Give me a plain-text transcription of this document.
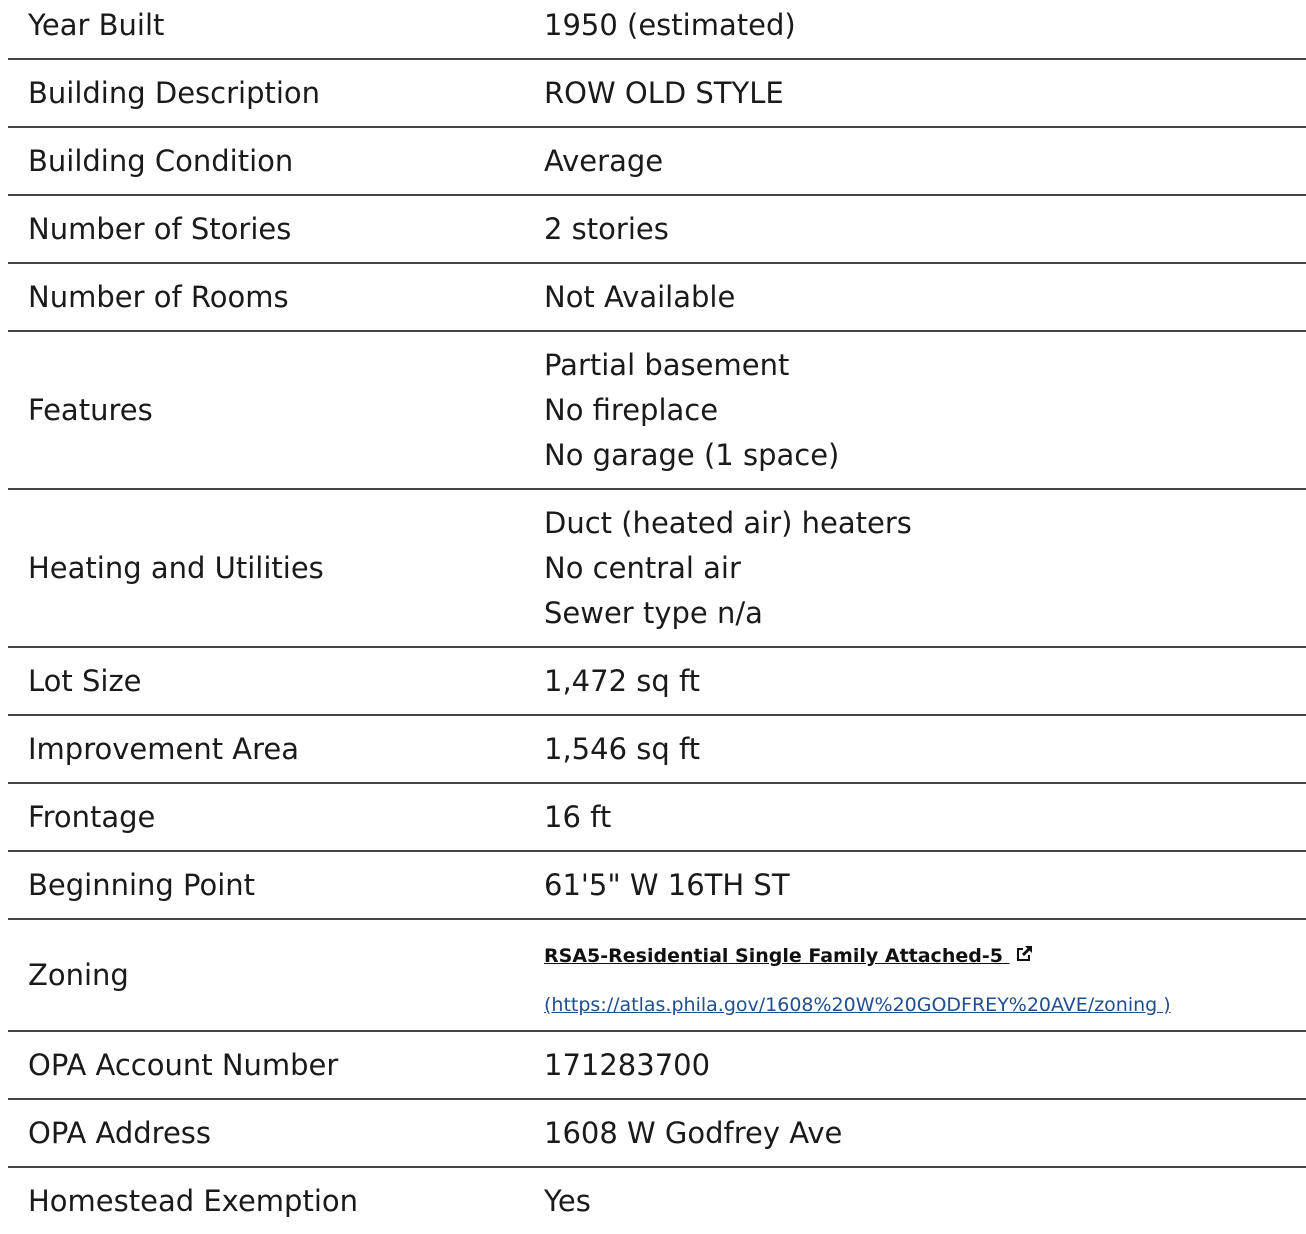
Year Built	1950 (estimated)
Building Description	ROW OLD STYLE
Building Condition	Average
Number of Stories	2 stories
Number of Rooms	Not Available
Features	Partial basement
No fireplace
No garage (1 space)

Heating and Utilities	Duct (heated air) heaters
No central air
Sewer type n/a

Lot Size	1,472 sq ft
Improvement Area	1,546 sq ft
Frontage	16 ft
Beginning Point	61'5" W 16TH ST
Zoning	RSA5-Residential Single Family Attached-5
(https://atlas.phila.gov/1608%20W%20GODFREY%20AVE/zoning )

OPA Account Number	171283700
OPA Address	1608 W Godfrey Ave
Homestead Exemption	Yes
